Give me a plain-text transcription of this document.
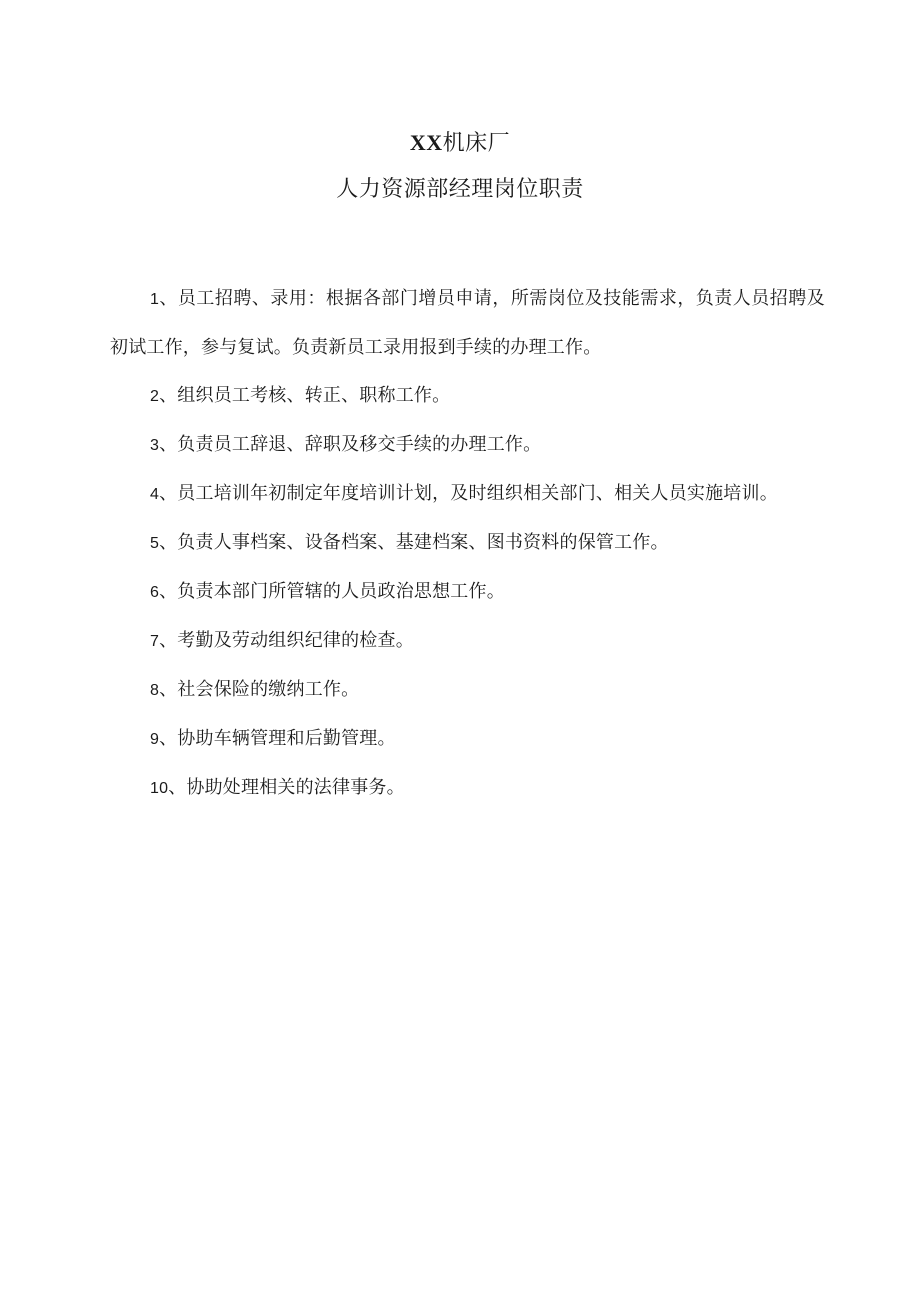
XX机床厂
人力资源部经理岗位职责

1、员工招聘、录用：根据各部门增员申请，所需岗位及技能需求，负责人员招聘及初试工作，参与复试。负责新员工录用报到手续的办理工作。

2、组织员工考核、转正、职称工作。

3、负责员工辞退、辞职及移交手续的办理工作。

4、员工培训年初制定年度培训计划，及时组织相关部门、相关人员实施培训。

5、负责人事档案、设备档案、基建档案、图书资料的保管工作。

6、负责本部门所管辖的人员政治思想工作。

7、考勤及劳动组织纪律的检查。

8、社会保险的缴纳工作。

9、协助车辆管理和后勤管理。

10、协助处理相关的法律事务。
